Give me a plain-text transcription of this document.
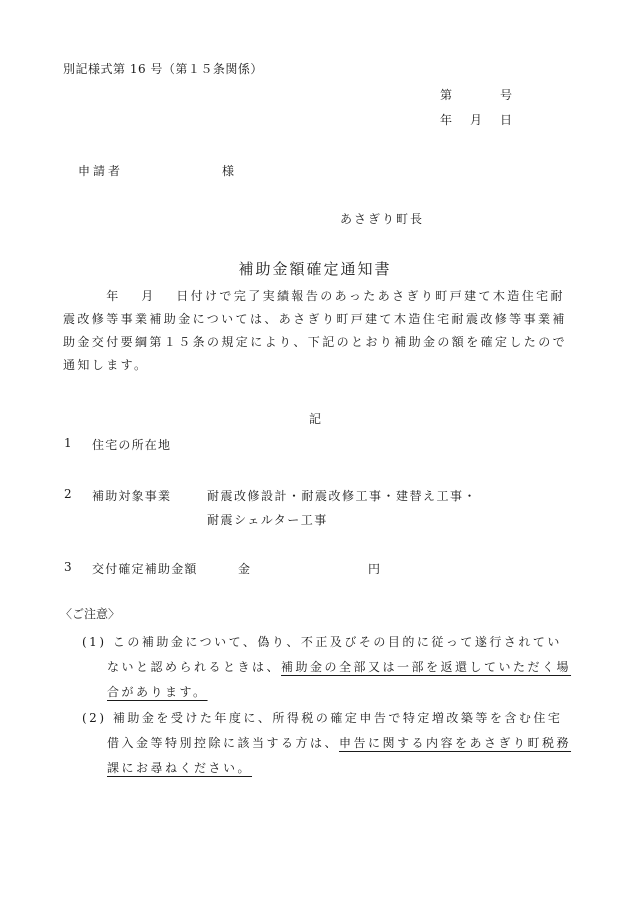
別記様式第 16 号（第１５条関係）
第	号
年 月 日
申請者	様
あさぎり町長
補助金額確定通知書

　　　年　 月　 日付けで完了実績報告のあったあさぎり町戸建て木造住宅耐

震改修等事業補助金については、あさぎり町戸建て木造住宅耐震改修等事業補

助金交付要綱第１５条の規定により、下記のとおり補助金の額を確定したので

通知します。

記
1 住宅の所在地
2 補助対象事業	耐震改修設計・耐震改修工事・建替え工事・
耐震シェルター工事
3 交付確定補助金額	金	円
〈ご注意〉
(1) この補助金について、偽り、不正及びその目的に従って遂行されてい
ないと認められるときは、補助金の全部又は一部を返還していただく場
合があります。
(2) 補助金を受けた年度に、所得税の確定申告で特定増改築等を含む住宅
借入金等特別控除に該当する方は、申告に関する内容をあさぎり町税務
課にお尋ねください。
